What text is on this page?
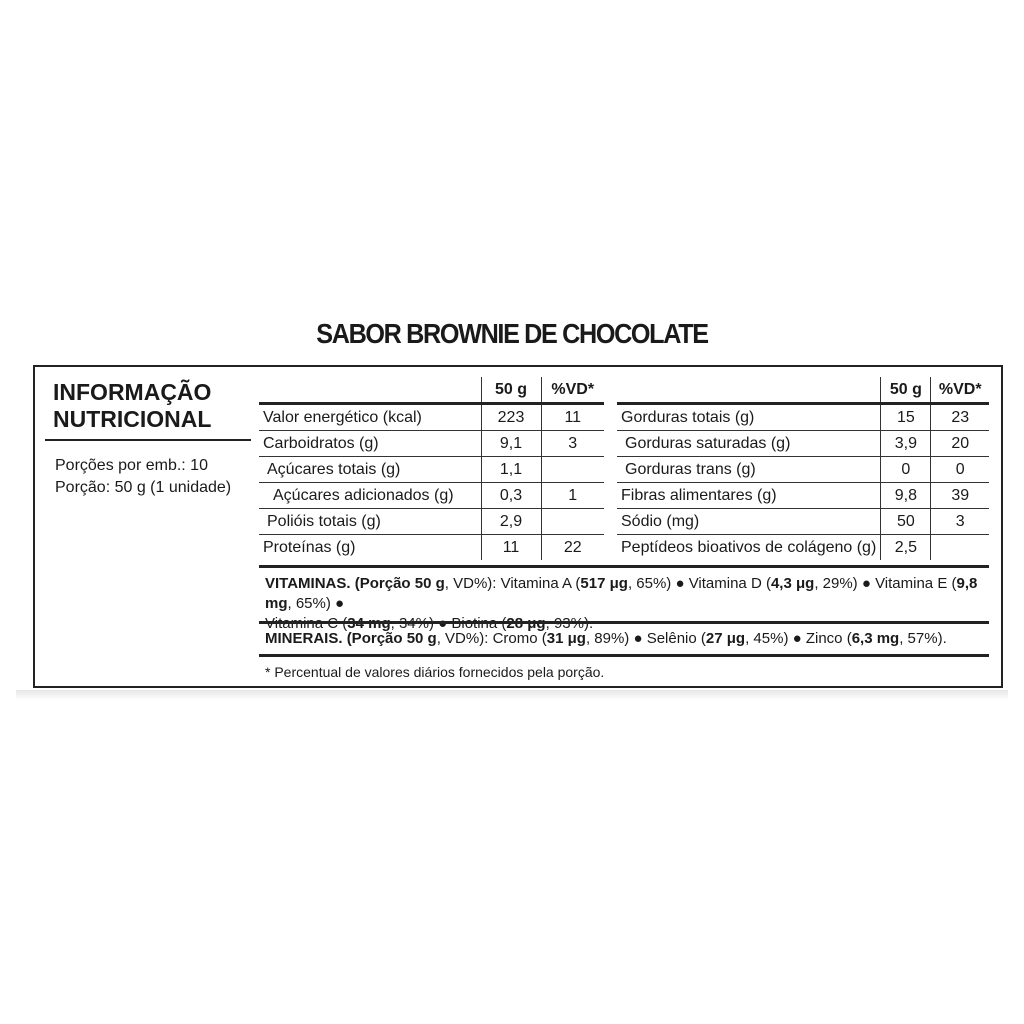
SABOR BROWNIE DE CHOCOLATE
INFORMAÇÃO
NUTRICIONAL
Porções por emb.: 10
Porção: 50 g (1 unidade)
	50 g	%VD*
Valor energético (kcal)	223	11
Carboidratos (g)	9,1	3
Açúcares totais (g)	1,1	
Açúcares adicionados (g)	0,3	1
Polióis totais (g)	2,9	
Proteínas (g)	11	22
	50 g	%VD*
Gorduras totais (g)	15	23
Gorduras saturadas (g)	3,9	20
Gorduras trans (g)	0	0
Fibras alimentares (g)	9,8	39
Sódio (mg)	50	3
Peptídeos bioativos de colágeno (g)	2,5	
VITAMINAS. (Porção 50 g, VD%): Vitamina A (517 μg, 65%) ● Vitamina D (4,3 μg, 29%) ● Vitamina E (9,8 mg, 65%) ●

MINERAIS. (Porção 50 g, VD%): Cromo (31 μg, 89%) ● Selênio (27 μg, 45%) ● Zinco (6,3 mg, 57%).
* Percentual de valores diários fornecidos pela porção.
